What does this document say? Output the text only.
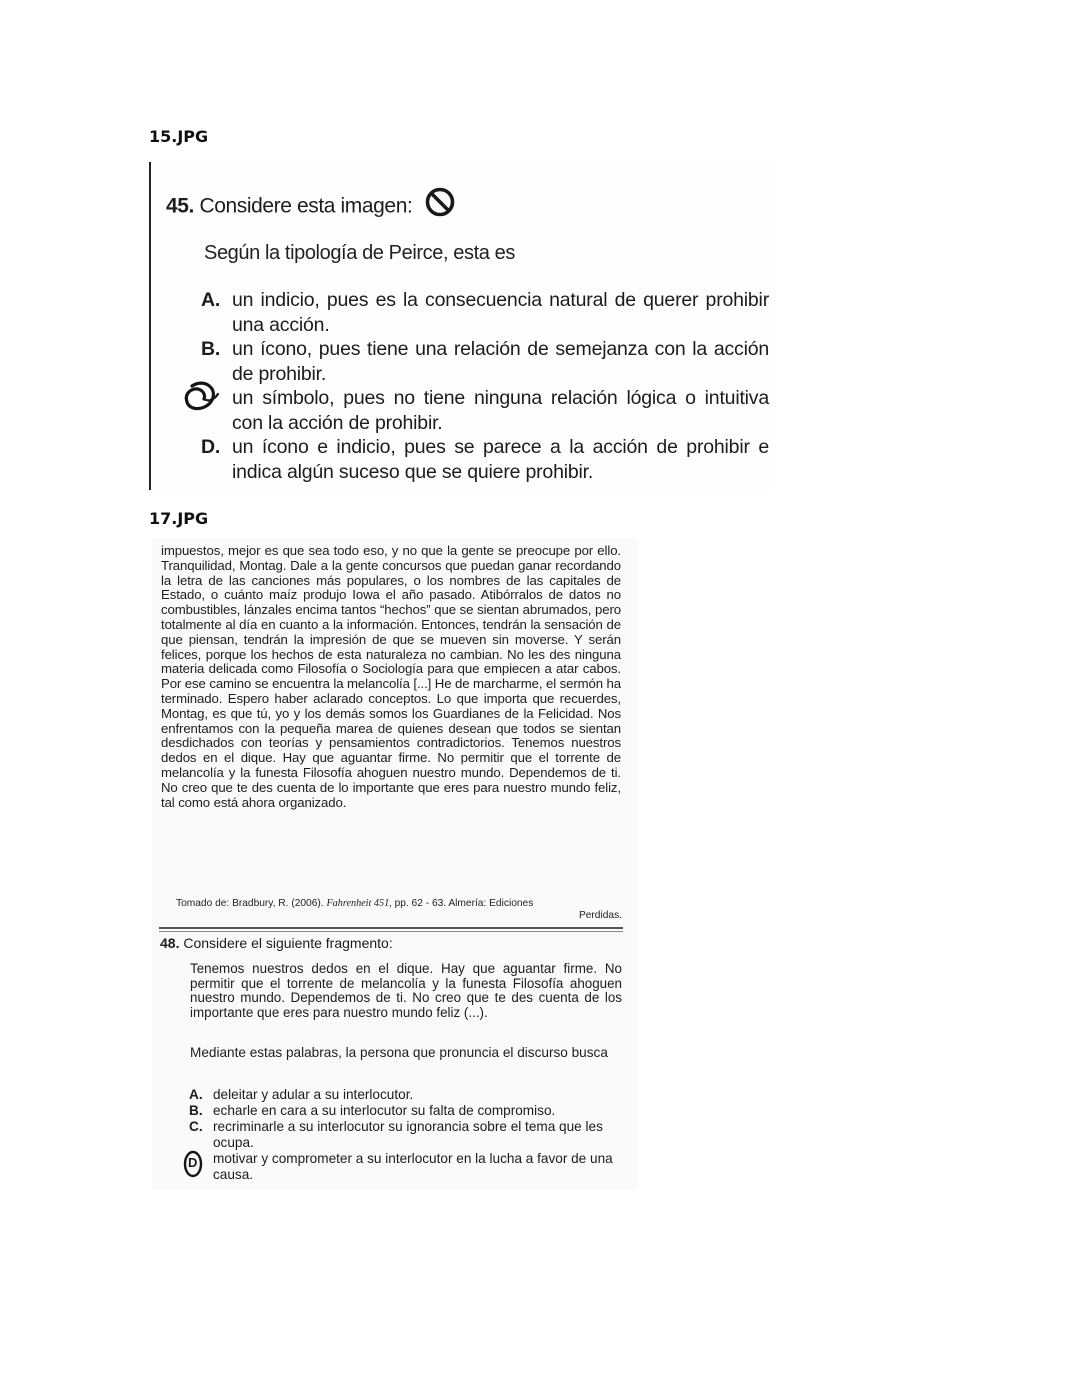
15.JPG
45. Considere esta imagen:
Según la tipología de Peirce, esta es
A. un indicio, pues es la consecuencia natural de querer prohibir una acción.
B. un ícono, pues tiene una relación de semejanza con la acción de prohibir.
un símbolo, pues no tiene ninguna relación lógica o intuitiva con la acción de prohibir.
D. un ícono e indicio, pues se parece a la acción de prohibir e indica algún suceso que se quiere prohibir.
17.JPG
impuestos, mejor es que sea todo eso, y no que la gente se preocupe por ello. Tranquilidad, Montag. Dale a la gente concursos que puedan ganar recordando la letra de las canciones más populares, o los nombres de las capitales de Estado, o cuánto maíz produjo Iowa el año pasado. Atibórralos de datos no combustibles, lánzales encima tantos “hechos” que se sientan abrumados, pero totalmente al día en cuanto a la información. Entonces, tendrán la sensación de que piensan, tendrán la impresión de que se mueven sin moverse. Y serán felices, porque los hechos de esta naturaleza no cambian. No les des ninguna materia delicada como Filosofía o Sociología para que empiecen a atar cabos. Por ese camino se encuentra la melancolía [...] He de marcharme, el sermón ha terminado. Espero haber aclarado conceptos. Lo que importa que recuerdes, Montag, es que tú, yo y los demás somos los Guardianes de la Felicidad. Nos enfrentamos con la pequeña marea de quienes desean que todos se sientan desdichados con teorías y pensamientos contradictorios. Tenemos nuestros dedos en el dique. Hay que aguantar firme. No permitir que el torrente de melancolía y la funesta Filosofía ahoguen nuestro mundo. Dependemos de ti. No creo que te des cuenta de lo importante que eres para nuestro mundo feliz, tal como está ahora organizado.
Tomado de: Bradbury, R. (2006). Fahrenheit 451, pp. 62 - 63. Almería: Ediciones
Perdidas.
48. Considere el siguiente fragmento:
Tenemos nuestros dedos en el dique. Hay que aguantar firme. No permitir que el torrente de melancolía y la funesta Filosofía ahoguen nuestro mundo. Dependemos de ti. No creo que te des cuenta de los importante que eres para nuestro mundo feliz (...).
Mediante estas palabras, la persona que pronuncia el discurso busca
A. deleitar y adular a su interlocutor.
B. echarle en cara a su interlocutor su falta de compromiso.
C. recriminarle a su interlocutor su ignorancia sobre el tema que les ocupa.
D motivar y comprometer a su interlocutor en la lucha a favor de una causa.
